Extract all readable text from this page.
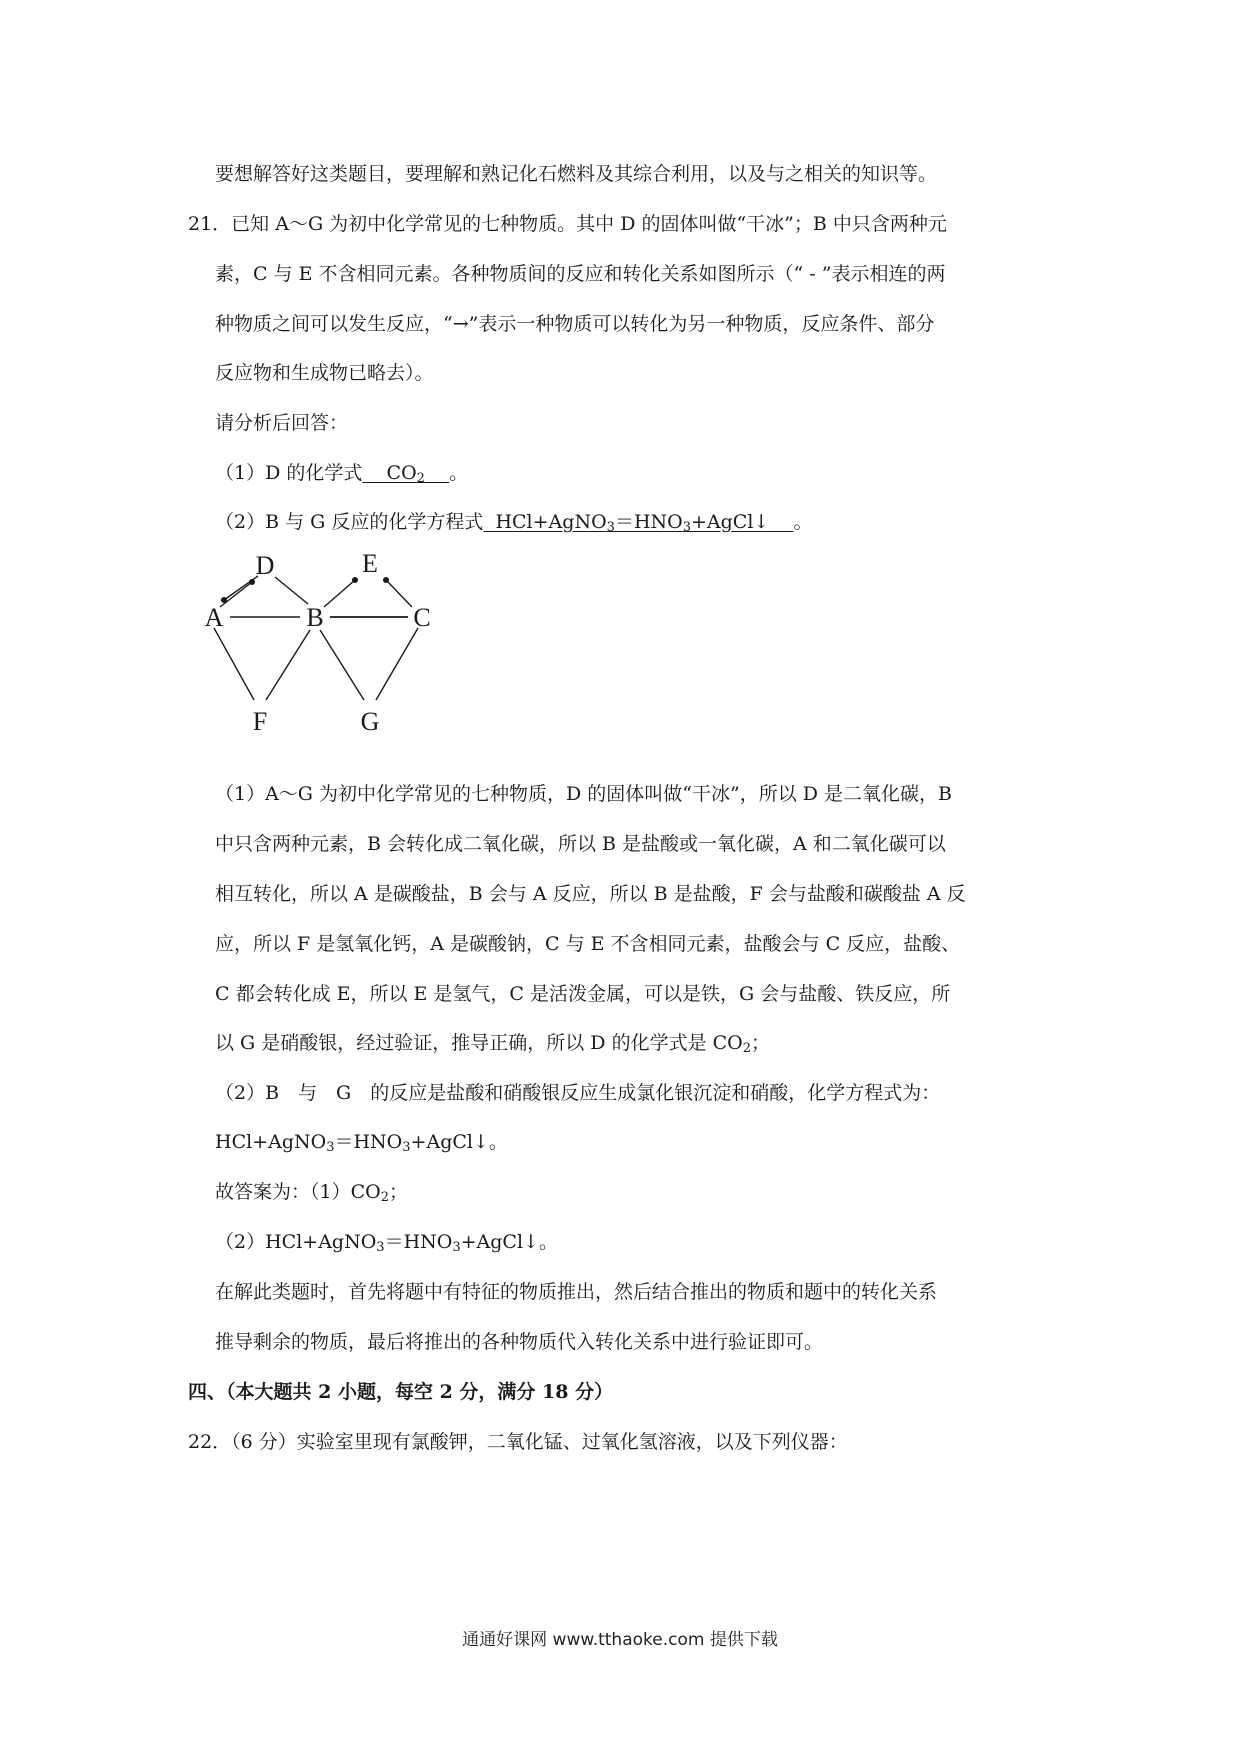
要想解答好这类题目，要理解和熟记化石燃料及其综合利用，以及与之相关的知识等。
21．已知 A～G 为初中化学常见的七种物质。其中 D 的固体叫做“干冰”；B 中只含两种元
素，C 与 E 不含相同元素。各种物质间的反应和转化关系如图所示（“ - ”表示相连的两
种物质之间可以发生反应，“→”表示一种物质可以转化为另一种物质，反应条件、部分
反应物和生成物已略去）。
请分析后回答：
（1）D 的化学式 $CO_2$ 。
（2）B 与 G 反应的化学方程式 $HCl+AgNO_3=HNO_3+AgCl↓$ 。
A
D
B
E
C
F	G
（1）A～G 为初中化学常见的七种物质，D 的固体叫做“干冰”，所以 D 是二氧化碳，B
中只含两种元素，B 会转化成二氧化碳，所以 B 是盐酸或一氧化碳，A 和二氧化碳可以
相互转化，所以 A 是碳酸盐，B 会与 A 反应，所以 B 是盐酸，F 会与盐酸和碳酸盐 A 反
应，所以 F 是氢氧化钙，A 是碳酸钠，C 与 E 不含相同元素，盐酸会与 C 反应，盐酸、
C 都会转化成 E，所以 E 是氢气，C 是活泼金属，可以是铁，G 会与盐酸、铁反应，所
以 G 是硝酸银，经过验证，推导正确，所以 D 的化学式是 $CO_2$；
（2）B　与　G　的反应是盐酸和硝酸银反应生成氯化银沉淀和硝酸，化学方程式为：
$HCl+AgNO_3=HNO_3+AgCl↓$。
故答案为：$(1)CO_2$；
$(2)HCl+AgNO_3=HNO_3+AgCl↓$。
在解此类题时，首先将题中有特征的物质推出，然后结合推出的物质和题中的转化关系
推导剩余的物质，最后将推出的各种物质代入转化关系中进行验证即可。
四、（本大题共 2 小题，每空 2 分，满分 18 分）
22．（6 分）实验室里现有氯酸钾，二氧化锰、过氧化氢溶液，以及下列仪器：
通通好课网 www.tthaoke.com 提供下载
